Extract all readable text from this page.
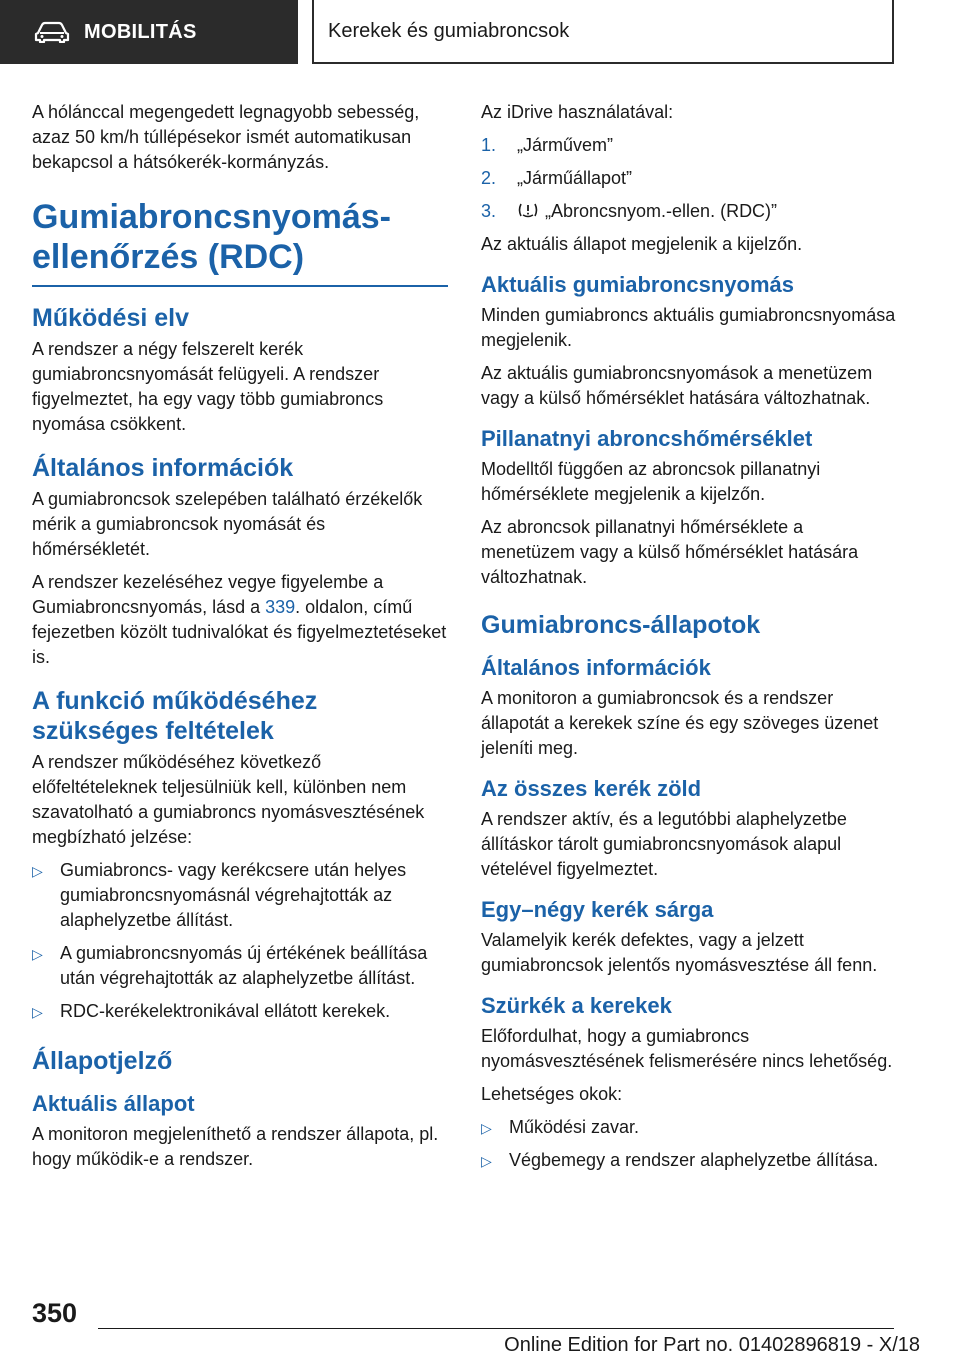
MOBILITÁS	Kerekek és gumiabroncsok

A hólánccal megengedett legnagyobb sebesség, azaz 50 km/h túllépésekor ismét automatikusan bekapcsol a hátsókerék-kormányzás.

Gumiabroncsnyomás-ellenőrzés (RDC)
Működési elv

A rendszer a négy felszerelt kerék gumiabroncsnyomását felügyeli. A rendszer figyelmeztet, ha egy vagy több gumiabroncs nyomása csökkent.

Általános információk

A gumiabroncsok szelepében található érzékelők mérik a gumiabroncsok nyomását és hőmérsékletét.

A rendszer kezeléséhez vegye figyelembe a Gumiabroncsnyomás, lásd a 339. oldalon, című fejezetben közölt tudnivalókat és figyelmeztetéseket is.

A funkció működéséhez szükséges feltételek

A rendszer működéséhez következő előfeltételeknek teljesülniük kell, különben nem szavatolható a gumiabroncs nyomásvesztésének megbízható jelzése:

▷ Gumiabroncs- vagy kerékcsere után helyes gumiabroncsnyomásnál végrehajtották az alaphelyzetbe állítást.
▷ A gumiabroncsnyomás új értékének beállítása után végrehajtották az alaphelyzetbe állítást.
▷ RDC-kerékelektronikával ellátott kerekek.
Állapotjelző
Aktuális állapot

A monitoron megjeleníthető a rendszer állapota, pl. hogy működik-e a rendszer.

Az iDrive használatával:

1. „Járművem”
2. „Járműállapot”
3.	„Abroncsnyom.-ellen. (RDC)”

Az aktuális állapot megjelenik a kijelzőn.

Aktuális gumiabroncsnyomás

Minden gumiabroncs aktuális gumiabroncsnyomása megjelenik.

Az aktuális gumiabroncsnyomások a menetüzem vagy a külső hőmérséklet hatására változhatnak.

Pillanatnyi abroncshőmérséklet

Modelltől függően az abroncsok pillanatnyi hőmérséklete megjelenik a kijelzőn.

Az abroncsok pillanatnyi hőmérséklete a menetüzem vagy a külső hőmérséklet hatására változhatnak.

Gumiabroncs-állapotok
Általános információk

A monitoron a gumiabroncsok és a rendszer állapotát a kerekek színe és egy szöveges üzenet jeleníti meg.

Az összes kerék zöld

A rendszer aktív, és a legutóbbi alaphelyzetbe állításkor tárolt gumiabroncsnyomások alapul vételével figyelmeztet.

Egy–négy kerék sárga

Valamelyik kerék defektes, vagy a jelzett gumiabroncsok jelentős nyomásvesztése áll fenn.

Szürkék a kerekek

Előfordulhat, hogy a gumiabroncs nyomásvesztésének felismerésére nincs lehetőség.

Lehetséges okok:

▷ Működési zavar.
▷ Végbemegy a rendszer alaphelyzetbe állítása.
350
Online Edition for Part no. 01402896819 - X/18
